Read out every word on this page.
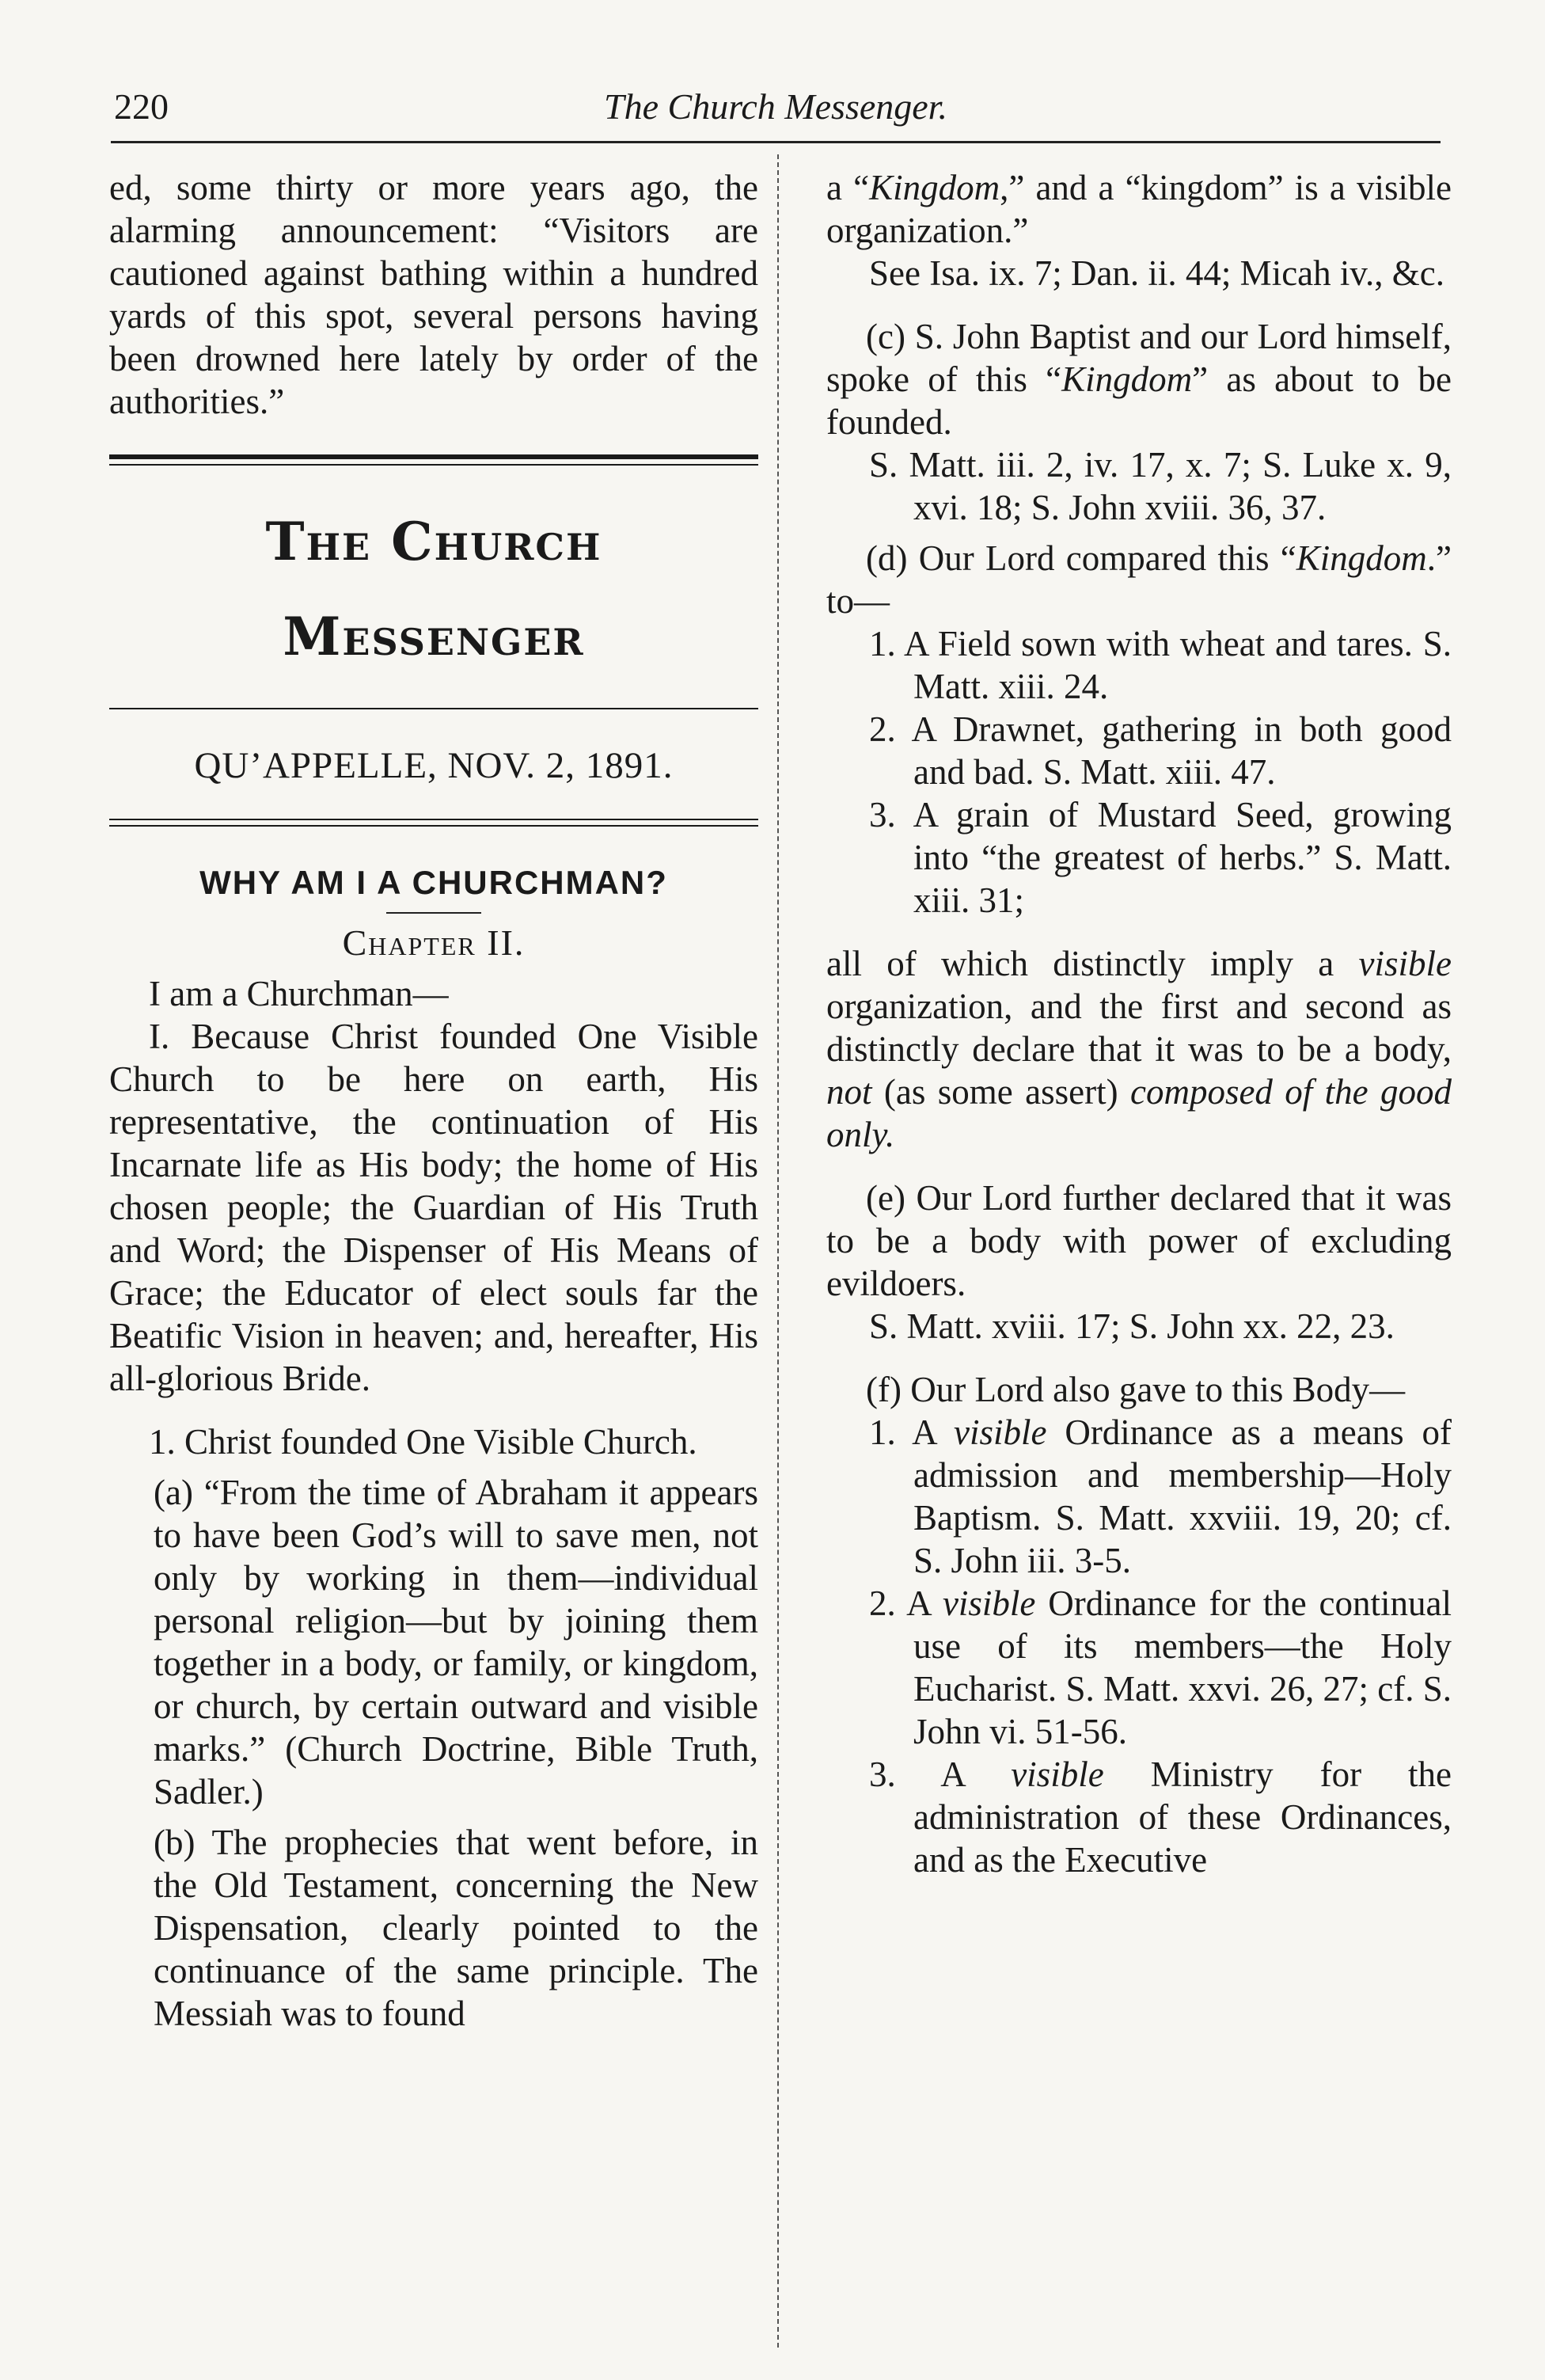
220	The Church Messenger.

ed, some thirty or more years ago, the alarming announcement: “Visitors are cautioned against bathing within a hundred yards of this spot, several persons having been drowned here lately by order of the authorities.”

The Church Messenger
QU’APPELLE, NOV. 2, 1891.
WHY AM I A CHURCHMAN?
Chapter II.

I am a Churchman—

I. Because Christ founded One Visible Church to be here on earth, His representative, the continuation of His Incarnate life as His body; the home of His chosen people; the Guardian of His Truth and Word; the Dispenser of His Means of Grace; the Educator of elect souls far the Beatific Vision in heaven; and, hereafter, His all-glorious Bride.

1. Christ founded One Visible Church.

(a) “From the time of Abraham it appears to have been God’s will to save men, not only by working in them—individual personal religion—but by joining them together in a body, or family, or kingdom, or church, by certain outward and visible marks.” (Church Doctrine, Bible Truth, Sadler.)

(b) The prophecies that went before, in the Old Testament, concerning the New Dispensation, clearly pointed to the continuance of the same principle. The Messiah was to found

a “Kingdom,” and a “kingdom” is a visible organization.”

See Isa. ix. 7; Dan. ii. 44; Micah iv., &c.

(c) S. John Baptist and our Lord himself, spoke of this “Kingdom” as about to be founded.

S. Matt. iii. 2, iv. 17, x. 7; S. Luke x. 9, xvi. 18; S. John xviii. 36, 37.

(d) Our Lord compared this “Kingdom.” to—

1. A Field sown with wheat and tares. S. Matt. xiii. 24.

2. A Drawnet, gathering in both good and bad. S. Matt. xiii. 47.

3. A grain of Mustard Seed, growing into “the greatest of herbs.” S. Matt. xiii. 31;

all of which distinctly imply a visible organization, and the first and second as distinctly declare that it was to be a body, not (as some assert) composed of the good only.

(e) Our Lord further declared that it was to be a body with power of excluding evildoers.

S. Matt. xviii. 17; S. John xx. 22, 23.

(f) Our Lord also gave to this Body—

1. A visible Ordinance as a means of admission and membership—Holy Baptism. S. Matt. xxviii. 19, 20; cf. S. John iii. 3-5.

2. A visible Ordinance for the continual use of its members—the Holy Eucharist. S. Matt. xxvi. 26, 27; cf. S. John vi. 51-56.

3. A visible Ministry for the administration of these Ordinances, and as the Executive
